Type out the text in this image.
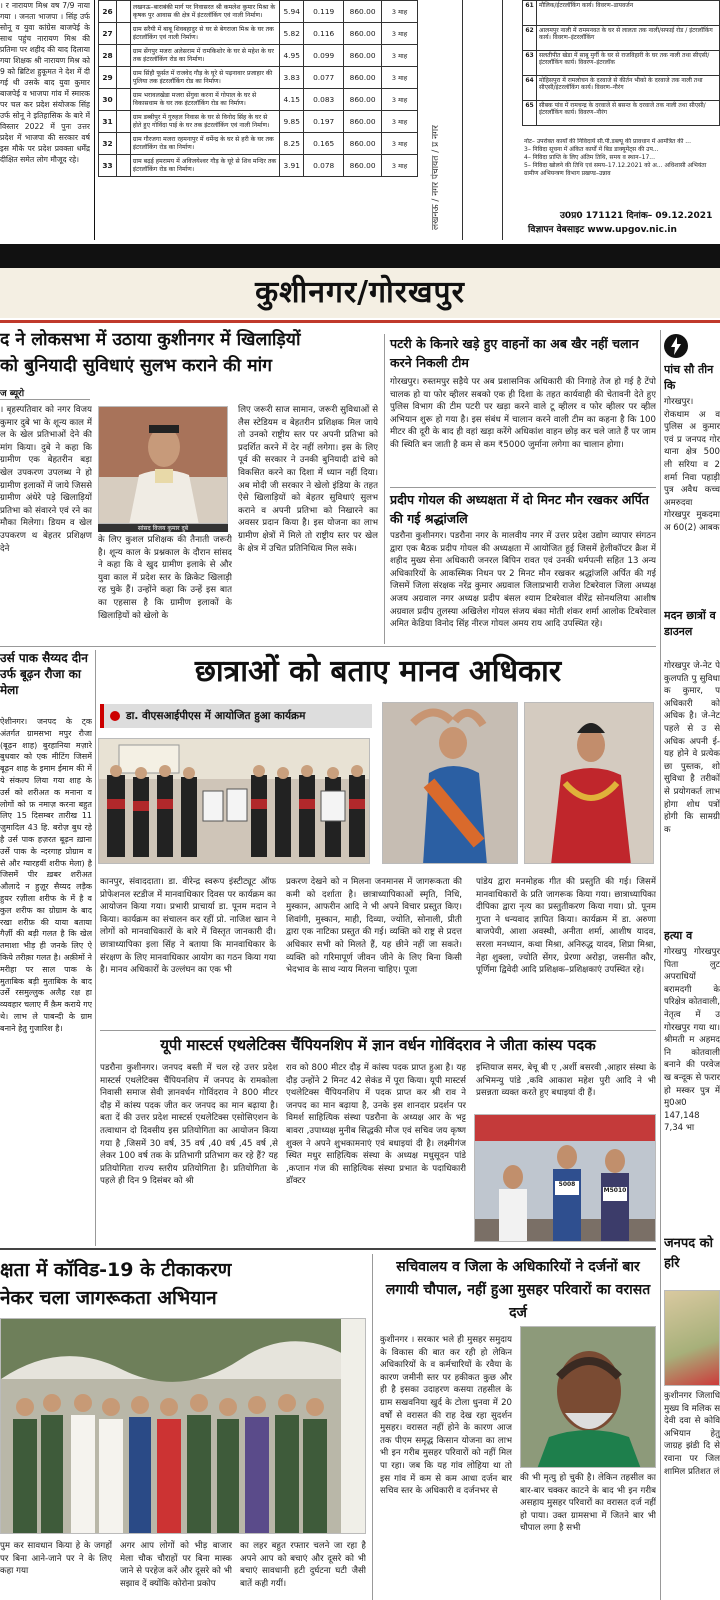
। र नारायण मिश्र वष 7/9 नाया गया । जनता भाजपा । सिंह उर्फ सोनू व युवा कांग्रेस बाजपेई के साथ पहुंच नारायण मिश्र की प्रतिमा पर शहीद की याद दिलाया गया शिक्षक श्री नारायण मिश्र को 9 को ब्रिटिश हुकूमत ने देश में दी गई थी उसके बाद युवा कुमार बाजपेई व भाजपा गांव में स्मारक पर चल कर प्रदेश संयोजक सिंह उर्फ सोनू ने इतिहासिक के बारे में विस्तार 2022 में पुनः उत्तर प्रदेश में भाजपा की सरकार वर्ष इस मौके पर प्रदेश प्रवक्ता धर्मेंद्र दीक्षित समेत लोग मौजूद रहे।
26		लखनऊ–बाराबंकी मार्ग पर निवासरत श्री कमलेश कुमार मिश्रा के कृषक पुर आवास की क्षेत्र में इंटरलॉकिंग एवं नाली निर्माण।	5.94	0.119	860.00	3 माह
27		ग्राम सरैयी में बाबू शिवबहादुर से घर से बेगराजा मिश्र के घर तक इंटरलॉकिंग एवं नाली निर्माण।	5.82	0.116	860.00	3 माह
28		ग्राम सेंगपुर मजरा अलेसराम में रामकिशोर के घर से महेश के घर तक इंटरलॉकिंग रोड का निर्माण।	4.95	0.099	860.00	3 माह
29		ग्राम सिंहौ फूर्सत में राजवेद गौड़ के घूरे से पढ़नावार प्रजाहार की पुलिया तक इंटरलॉकिंग रोड का निर्माण।	3.83	0.077	860.00	3 माह
30		ग्राम भरावलखेडा मजरा सेंगुवा करना में गोपाल के घर से विकासधाम के घर तक इंटरलॉकिंग रोड का निर्माण।	4.15	0.083	860.00	3 माह
31		ग्राम डब्बीपुर में गुरुहल निवास के घर से विनोद सिंह के घर से होते हुए गोविंदा पाई के घर तक इंटरलॉकिंग एवं नाली निर्माण।	9.85	0.197	860.00	3 माह
32		ग्राम गौरजगा मजरा रहमनापुर में धर्मेन्द्र के घर से हरी के घर तक इंटरलॉकिंग रोड का निर्माण।	8.25	0.165	860.00	3 माह
33		ग्राम बढ़ई हमरामय में अविजयेश्वर गौड़ के घूरे से शिव मन्दिर तक इंटरलॉकिंग रोड का निर्माण।	3.91	0.078	860.00	3 माह	लखनऊ / नगर पंचायत / प्र नगर
61	मौलिक/ईटरलॉकिंग कार्य। विवरण–डायवर्जन
62	आलमपुर नाली में राममनवत के घर से लालता तक नाली/सफाई रोड / इंटरलॉकिंग कार्य। विवरण–इंटरलॉकिंग
63	सलतीपीत खेडा में साबू मुर्गी के घर से राजविहारी के घर तक नाली तथा सीएसी/इंटरलॉकिंग कार्य। विवरण–इंटरलॉक
64	मोहिसपुरा में रामलोचन के दरवाजे से कीर्तन भीको के दरवाजे तक नाली तथा सीएसी/इंटरलॉकिंग कार्य। विवरण–नौरंग
65	सीबक पांव में रामचन्द्र के दरवाजे से बसन्त के दरवाजे तक नाली तथा सीएसी/इंटरलॉकिंग कार्य। विवरण–नौरंग
नोट– उपरोक्त कार्यों की निविदायें सी.पी.डब्ल्यू की प्रावधान में आमंत्रित की ...
3– निविदा सूचना में अंकित कार्यों में बिड डाक्यूमेंट्स की उप...
4– निविदा प्राप्ति के लिए अंतिम तिथि, समय व स्थान–17...
5– निविदा खोलने की तिथि एवं समय–17.12.2021 को अ... अधिशासी अभियंता ग्रामीण अभियन्त्रण विभाग प्रखण्ड–उन्नाव
उ0प्र0 171121 दिनांक– 09.12.2021
विज्ञापन वेबसाइट www.upgov.nic.in
कुशीनगर/गोरखपुर
द ने लोकसभा में उठाया कुशीनगर में खिलाड़ियों
को बुनियादी सुविधाएं सुलभ कराने की मांग
ज ब्यूरो
। बृहस्पतिवार को नगर विजय कुमार दुबे भा के शून्य काल में ल के खेल प्रतिभाओं देने की मांग किया। दुबे ने कहा कि ग्रामीण एक बेहतरीन बड़ा खेल उपकरण उपलब्ध ने हो ग्रामीण इलाकों में जाये जिससे ग्रामीण अंधेरे पड़े खिलाड़ियों प्रतिभा को संवारने एवं रने का मौका मिलेगा। डियम व खेल उपकरण थ बेहतर प्रशिक्षण देने
सांसद विजय कुमार दुबे
के लिए कुशल प्रशिक्षक की तैनाती जरूरी है। शून्य काल के प्रश्नकाल के दौरान सांसद ने कहा कि वे खुद ग्रामीण इलाके से और युवा काल में प्रदेश स्तर के क्रिकेट खिलाड़ी रह चुके हैं। उन्होंने कहा कि उन्हें इस बात का एहसास है कि ग्रामीण इलाकों के खिलाड़ियों को खेलो के
लिए जरूरी साज सामान, जरूरी सुविधाओं से लैस स्टेडियम व बेहतरीन प्रशिक्षक मिल जाये तो उनको राष्ट्रीय स्तर पर अपनी प्रतिभा को प्रदर्शित करने में देर नहीं लगेगा। इस के लिए पूर्व की सरकार ने उनकी बुनियादी ढांचे को विकसित करने का दिशा में ध्यान नहीं दिया। अब मोदी जी सरकार ने खेलो इंडिया के तहत ऐसे खिलाड़ियों को बेहतर सुविधाएं सुलभ कराने व अपनी प्रतिभा को निखारने का अवसर प्रदान किया है। इस योजना का लाभ ग्रामीण क्षेत्रों में मिले तो राष्ट्रीय स्तर पर खेल के क्षेत्र में उचित प्रतिनिधित्व मिल सके।
पटरी के किनारे खड़े हुए वाहनों का अब खैर नहीं चलान करने निकली टीम
गोरखपुर। रुस्तमपुर सड़ैये पर अब प्रशासनिक अधिकारी की निगाहे तेज हो गई है टेंपो चालक हो या फोर व्हीलर सबको एक ही दिशा के तहत कार्यवाही की चेतावनी देते हुए पुलिस विभाग की टीम पटरी पर खड़ा करने वाले टू व्हीलर व फोर व्हीलर पर व्हील अभियान शुरू हो गया है। इस संबंध में चालान करने वाली टीम का कहना है कि 100 मीटर की दूरी के बाद ही वहां खड़ा करेंगे अधिकांश वाहन छोड़ कर चले जाते हैं पर जाम की स्थिति बन जाती है कम से कम ₹5000 जुर्माना लगेगा का चालान होगा।
प्रदीप गोयल की अध्यक्षता में दो मिनट मौन रखकर अर्पित की गई श्रद्धांजलि
पडरौना कुशीनगर। पडरौना नगर के मालवीय नगर में उत्तर प्रदेश उद्योग व्यापार संगठन द्वारा एक बैठक प्रदीप गोयल की अध्यक्षता में आयोजित हुई जिसमें हेलीकॉप्टर क्रैश में शहीद मुख्य सेना अधिकारी जनरल बिपिन रावत एवं उनकी धर्मपत्नी सहित 13 अन्य अधिकारियों के आकस्मिक निधन पर 2 मिनट मौन रखकर श्रद्धांजलि अर्पित की गई जिसमें जिला संरक्षक नरेंद्र कुमार अग्रवाल जिलाप्रभारी राजेश टिबरेवाल जिला अध्यक्ष अजय अग्रवाल नगर अध्यक्ष प्रदीप बंसल श्याम टिबरेवाल वीरेंद्र सोनथलिया आशीष अग्रवाल प्रदीप तुलस्या अखिलेश गोयल संजय बंका मोती शंकर शर्मा आलोक टिबरेवाल अमित केडिया विनोद सिंह नीरज गोयल अमय राय आदि उपस्थित रहे।
पांच सौ तीन कि
गोरखपुर। रोकथाम अ व पुलिस अ कुमार एवं प्र जनपद गोर थाना क्षेत्र 500 ली सरिया व 2 शर्मा निवा पहाड़ी पुत्र अवैध कच्च अमरुदवा गोरखपुर मुकदमा अ 60(2) आबक
मदन छात्रों व डाउनल
गोरखपुर जे-नेट पे कुलपति पु सुविधा क कुमार, प अधिकारी को अधिक है। जे-नेट पहले से उ से अधिक अपनी ई- यह होने वे प्रत्येक छा पुस्तक, शो सुविधा है तरीकों से प्रयोगकर्त लाभ होगा शोध पत्रों होगी कि सामग्री क
हत्या व
गोरखपु गोरखपुर पिता लुट अपराधियों बरामदगी के परिक्षेत्र कोतवाली, नेतृत्व में उ गोरखपुर गया था। श्रीमती म अहमद नि कोतवाली बनाने की परवेज ख बन्दूक से फरार हो मस्कर पुत्र में मु0अ0 147,148 7,34 भा
जनपद को हरि
कुशीनगर जिलाधि मुख्य वि मलिक स देवी दवा से कोवि अभियान हेतु जाग्रह झंडी दि से रवाना पर जिल शामिल प्रतिशत लं
उर्स पाक सैय्यद दीन उर्फ बूढ़न रौजा का मेला
ऐशीनगर। जनपद के ट्क अंतर्गत ग्रामसभा मपुर रौजा (बूढ़न शाह) बुरहानिया मज़ारे बुधवार को एक मीटिंग जिसमें बूढ़न शाह के इमाम ईमाम की में ये संकल्प लिया गया शाह के उर्स को शरीअत क मनाना व लोगों को फ़ नमाज़ करना बहुत लिए 15 दिसम्बर तारीख 11 जुमादिल 43 हि. बरोज़ बुध रहे है उर्स पाक हज़रत बूढ़न ख़ाना उर्से पाक के न्दरगाह प्रोग्राम व से और ग्यारहवीं शरीफ मेला) है जिसमें पीर ख़बर शरीअत औलादे न हुज़ूर सैय्यद लड़ैक हुयर रज़ीला शरीफ के में है व कुल शरीफ का ग्रोग्राम के बाद रखा शरीफ़ की याया बताया गैर्ज़ी की बड़ी गलत है कि खेल तमाशा भीड़ ही जनके लिए ऐ किये तरीक़ा गलत है। अक़ीमों ने मरीहा पर साल पाक के मुताबिक बड़ी मुताबिक के बाद उर्से रसमुल्लुक अलैह रक्ष हा व्यवहार चलाए मैं क़ैम कराये गए थे। लाभ ले पाबन्दी के ग्राम बनाने हेतु गुजारिश है।
छात्राओं को बताए मानव अधिकार
डा. वीएसआईपीएस में आयोजित हुआ कार्यक्रम
कानपुर, संवाददाता। डा. वीरेन्द्र स्वरूप इंस्टीट्यूट ऑफ प्रोफेशनल स्टडीज में मानवाधिकार दिवस पर कार्यक्रम का आयोजन किया गया। प्रभारी प्राचार्या डा. पूनम मदान ने किया। कार्यक्रम का संचालन कर रहीं प्रो. नाजिश खान ने लोगों को मानवाधिकारों के बारे में विस्तृत जानकारी दी। छात्राध्यापिका इला सिंह ने बताया कि मानवाधिकार के संरक्षण के लिए मानवाधिकार आयोग का गठन किया गया है। मानव अधिकारों के उल्लंघन का एक भी
प्रकरण देखने को न मिलना जनमानस में जागरूकता की कमी को दर्शाता है। छात्राध्यापिकाओं स्मृति, निधि, मुस्कान, आफरीन आदि ने भी अपने विचार प्रस्तुत किए। शिवांगी, मुस्कान, माही, दिव्या, ज्योति, सोनाली, प्रीती द्वारा एक नाटिका प्रस्तुत की गई। व्यक्ति को राष्ट्र से प्रदत्त अधिकार सभी को मिलते हैं, यह छीने नहीं जा सकते। व्यक्ति को गरिमापूर्ण जीवन जीने के लिए बिना किसी भेदभाव के साथ न्याय मिलना चाहिए। पूजा
पांडेय द्वारा मनमोहक गीत की प्रस्तुति की गई। जिसमें मानवाधिकारों के प्रति जागरूक किया गया। छात्राध्यापिका दीपिका द्वारा नृत्य का प्रस्तुतीकरण किया गया। प्रो. पूनम गुप्ता ने धन्यवाद ज्ञापित किया। कार्यक्रम में डा. अरुणा बाजपेयी, आशा अवस्थी, अनीता शर्मा, आशीष यादव, सरला मनध्यान, कथा मिश्रा, अनिरुद्ध यादव, शिप्रा मिश्रा, नेहा शुक्ला, ज्योति सेंगर, प्रेरणा अरोड़ा, जसनीत कौर, पूर्णिमा द्विवेदी आदि प्रशिक्षक–प्रशिक्षकाएं उपस्थित रहे।
यूपी मास्टर्स एथलेटिक्स चैंपियनशिप में ज्ञान वर्धन गोविंदराव ने जीता कांस्य पदक
पडरौना कुशीनगर। जनपद बस्ती में चल रहे उत्तर प्रदेश मास्टर्स एथलेटिक्स चैंपियनशिप में जनपद के रामकोला निवासी समाज सेवी ज्ञानवर्धन गोविंदराव ने 800 मीटर दौड़ में कांस्य पदक जीत कर जनपद का मान बढ़ाया है। बता दें की उत्तर प्रदेश मास्टर्स एथलेटिक्स एसोसिएशन के तत्वाधान दो दिवसीय इस प्रतियोगिता का आयोजन किया गया है ,जिसमें 30 वर्ष, 35 वर्ष ,40 वर्ष ,45 वर्ष ,से लेकर 100 वर्ष तक के प्रतिभागी प्रतिभाग कर रहे हैं? यह प्रतियोगिता राज्य स्तरीय प्रतियोगिता है। प्रतियोगिता के पहले ही दिन 9 दिसंबर को श्री
राव को 800 मीटर दौड़ में कांस्य पदक प्राप्त हुआ है। यह दौड़ उन्होंने 2 मिनट 42 सेकंड में पूरा किया। यूपी मास्टर्स एथलेटिक्स चैंपियनशिप में पदक प्राप्त कर श्री राव ने जनपद का मान बढ़ाया है, उनके इस शानदार प्रदर्शन पर विमर्श साहित्यिक संस्था पडरौना के अध्यक्ष आर के भट्ट बावरा ,उपाध्यक्ष मुनीब सिद्धकी मौज एवं सचिव जय कृष्ण शुक्ल ने अपने शुभकामनाएं एवं बधाइयां दी है। लक्ष्मीगंज स्थित मधुर साहित्यिक संस्था के अध्यक्ष मधुसूदन पांडे ,कप्तान गंज की साहित्यिक संस्था प्रभात के पदाधिकारी डॉक्टर
इम्तियाज समर, बेचू बी ए ,अर्शी बसरवी ,आहार संस्था के अभिमन्यु पांडे ,कवि आकाश महेश पुरी आदि ने भी प्रसन्नता व्यक्त करते हुए बधाइयां दी हैं।
5008
M5010
क्षता में कॉविड-19 के टीकाकरण
नेकर चला जागरूकता अभियान
पुम कर सावधान किया हे के जगहों पर बिना आने-जाने पर ने के लिए कहा गया
अगर आप लोगों को भीड़ बाजार मेला चौक चौराहों पर बिना मास्क जाने से परहेज करें और दूसरे को भी सझाव दें क्योंकि कोरोना प्रकोप
का लहर बहुत रफ्तार चलने जा रहा है अपने आप को बचाएं और दूसरे को भी बचाएं सावधानी हटी दुर्घटना घटी जैसी बातें कही गयीं।
सचिवालय व जिला के अधिकारियों ने दर्जनों बार लगायी चौपाल, नहीं हुआ मुसहर परिवारों का वरासत दर्ज
कुशीनगर । सरकार भले ही मुसहर समुदाय के विकास की बात कर रही हो लेकिन अधिकारियों के व कर्मचारियों के रवैया के कारण जमीनी स्तर पर हकीकत कुछ और ही है इसका उदाहरण कसया तहसील के ग्राम सखवनिया खुर्द के टोला धुनवा में 20 वर्षों से वरासत की राह देख रहा सुदर्शन मुसहर। वरासत नहीं होने के कारण आज तक पीएम समृद्ध किसान योजना का लाभ भी इन गरीब मुसहर परिवारों को नहीं मिल पा रहा। जब कि यह गांव लोहिया था तो इस गांव में कम से कम आधा दर्जन बार सचिव स्तर के अधिकारी व दर्जनभर से
की भी मृत्यु हो चुकी है। लेकिन तहसील का बार-बार चक्कर काटने के बाद भी इन गरीब असहाय मुसहर परिवारों का वरासत दर्ज नहीं हो पाया। उक्त ग्रामसभा में जितने बार भी चौपाल लगा है सभी
